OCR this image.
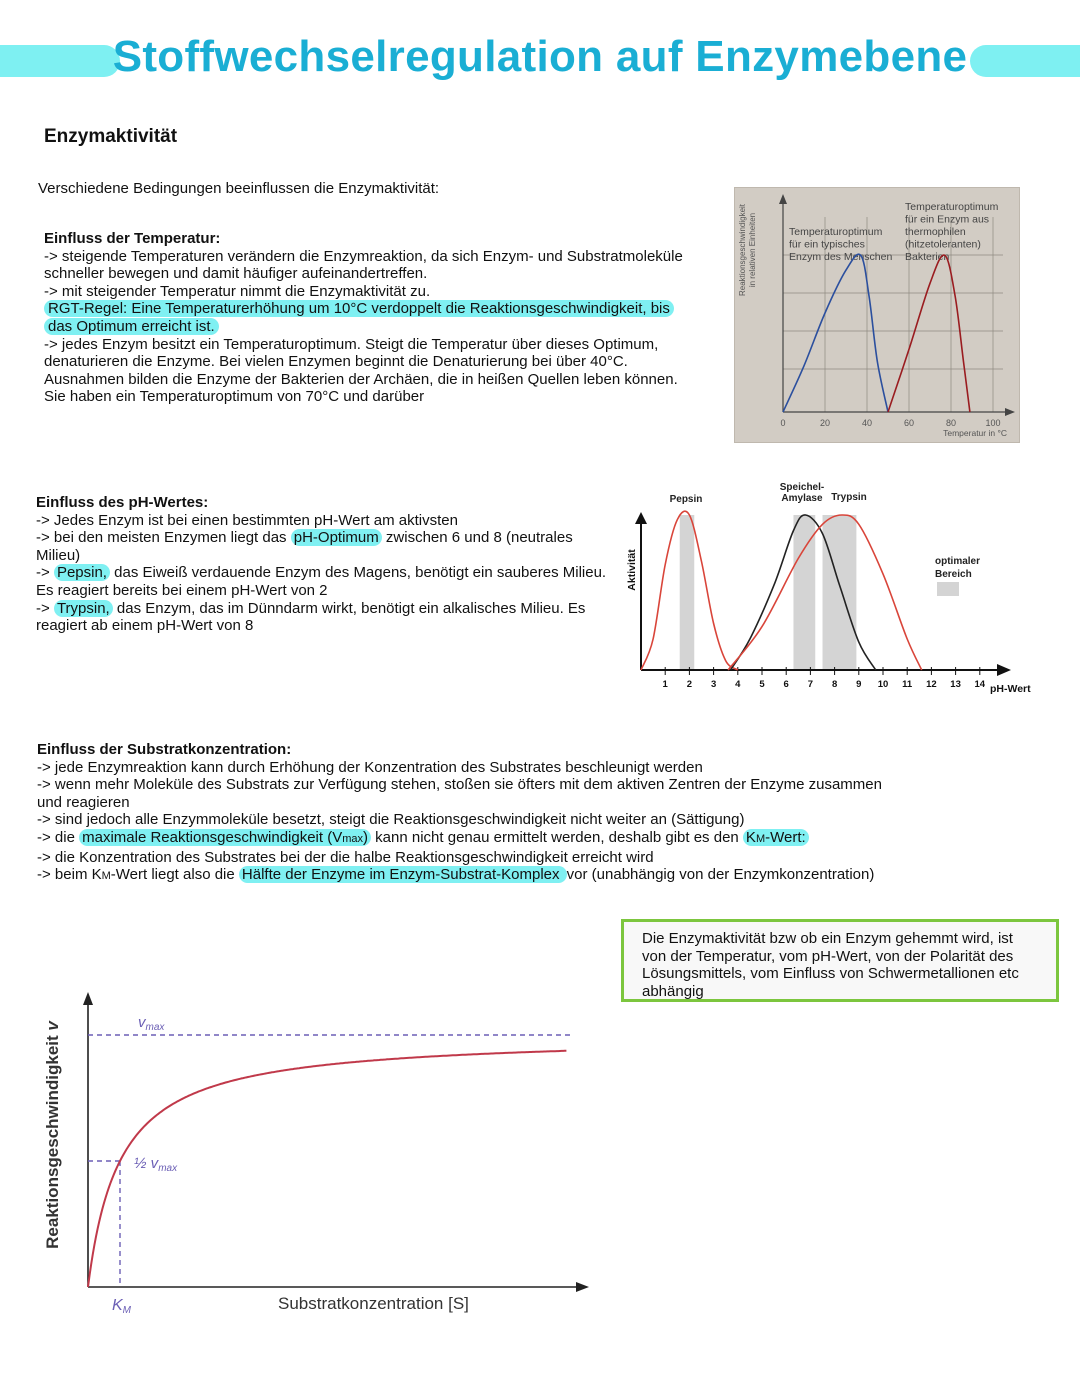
Stoffwechselregulation auf Enzymebene
Enzymaktivität
Verschiedene Bedingungen beeinflussen die Enzymaktivität:

Einfluss der Temperatur:

-> steigende Temperaturen verändern die Enzymreaktion, da sich Enzym- und Substratmoleküle

schneller bewegen und damit häufiger aufeinandertreffen.

-> mit steigender Temperatur nimmt die Enzymaktivität zu.

RGT-Regel: Eine Temperaturerhöhung um 10°C verdoppelt die Reaktionsgeschwindigkeit, bis

das Optimum erreicht ist.

-> jedes Enzym besitzt ein Temperaturoptimum. Steigt die Temperatur über dieses Optimum,

denaturieren die Enzyme. Bei vielen Enzymen beginnt die Denaturierung bei über 40°C.

Ausnahmen bilden die Enzyme der Bakterien der Archäen, die in heißen Quellen leben können.

Sie haben ein Temperaturoptimum von 70°C und darüber

0	20	40	60	80	100
Temperatur in °C
Reaktionsgeschwindigkeitin relativen Einheiten	Temperaturoptimum
für ein typisches
Enzym des Menschen
Temperaturoptimum
für ein Enzym aus
thermophilen
(hitzetoleranten)
Bakterien

Einfluss des pH-Wertes:

-> Jedes Enzym ist bei einen bestimmten pH-Wert am aktivsten

-> bei den meisten Enzymen liegt das pH-Optimum zwischen 6 und 8 (neutrales

Milieu)

-> Pepsin, das Eiweiß verdauende Enzym des Magens, benötigt ein sauberes Milieu.

Es reagiert bereits bei einem pH-Wert von 2

-> Trypsin, das Enzym, das im Dünndarm wirkt, benötigt ein alkalisches Milieu. Es

reagiert ab einem pH-Wert von 8

1 2 3 4 5 6 7 8 9 10 11 12 13 14 pH-Wert
Aktivität
Pepsin
Speichel-
Amylase Trypsin
optimaler
Bereich

Einfluss der Substratkonzentration:

-> jede Enzymreaktion kann durch Erhöhung der Konzentration des Substrates beschleunigt werden

-> wenn mehr Moleküle des Substrats zur Verfügung stehen, stoßen sie öfters mit dem aktiven Zentren der Enzyme zusammen

und reagieren

-> sind jedoch alle Enzymmoleküle besetzt, steigt die Reaktionsgeschwindigkeit nicht weiter an (Sättigung)

-> die maximale Reaktionsgeschwindigkeit (Vmax) kann nicht genau ermittelt werden, deshalb gibt es den KM-Wert:

-> die Konzentration des Substrates bei der die halbe Reaktionsgeschwindigkeit erreicht wird

-> beim KM-Wert liegt also die Hälfte der Enzyme im Enzym-Substrat-Komplex vor (unabhängig von der Enzymkonzentration)

Die Enzymaktivität bzw ob ein Enzym gehemmt wird, ist von der Temperatur, vom pH-Wert, von der Polarität des Lösungsmittels, vom Einfluss von Schwermetallionen etc abhängig
$v_{max}$
½ $v_{max}$
KM	Substratkonzentration [S]
Reaktionsgeschwindigkeit v
